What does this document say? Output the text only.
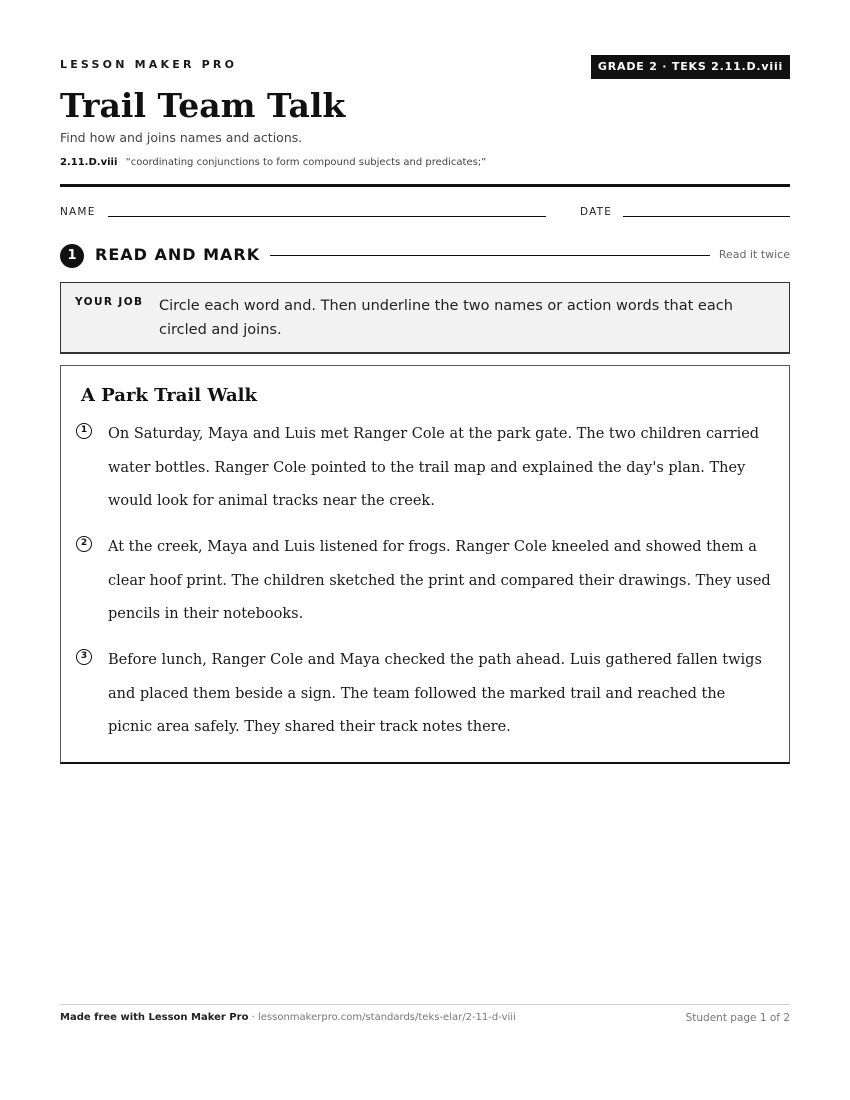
LESSON MAKER PRO	GRADE 2 · TEKS 2.11.D.viii
Trail Team Talk
Find how and joins names and actions.
2.11.D.viii “coordinating conjunctions to form compound subjects and predicates;”
NAME	DATE
1	READ AND MARK	Read it twice
YOUR JOB Circle each word and. Then underline the two names or action words that each circled and joins.
A Park Trail Walk
1	On Saturday, Maya and Luis met Ranger Cole at the park gate. The two children carried water bottles. Ranger Cole pointed to the trail map and explained the day's plan. They would look for animal tracks near the creek.

2	At the creek, Maya and Luis listened for frogs. Ranger Cole kneeled and showed them a clear hoof print. The children sketched the print and compared their drawings. They used pencils in their notebooks.

3	Before lunch, Ranger Cole and Maya checked the path ahead. Luis gathered fallen twigs and placed them beside a sign. The team followed the marked trail and reached the picnic area safely. They shared their track notes there.

Made free with Lesson Maker Pro · lessonmakerpro.com/standards/teks-elar/2-11-d-viii	Student page 1 of 2
